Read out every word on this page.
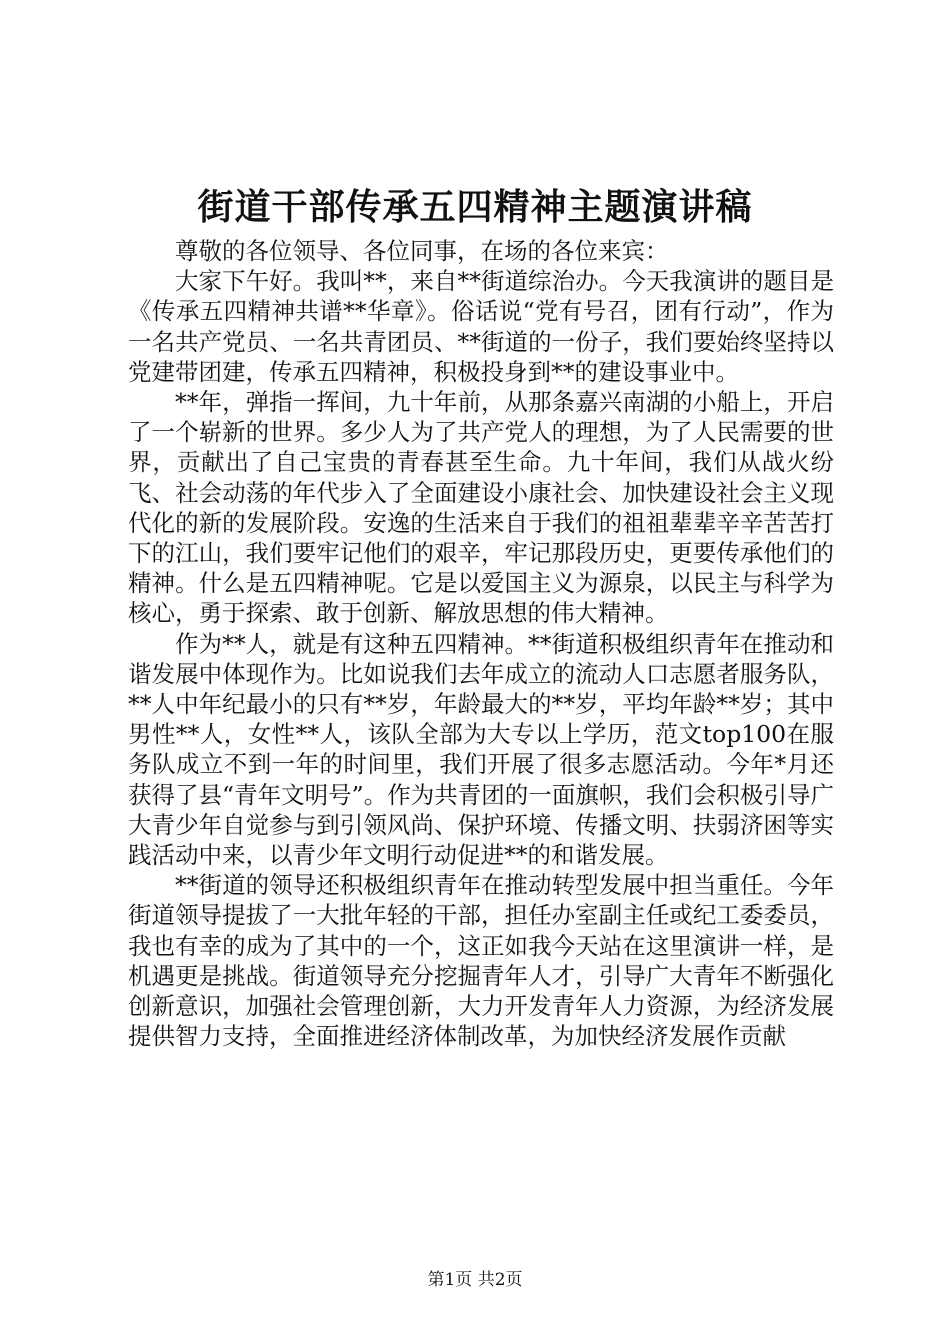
街道干部传承五四精神主题演讲稿

尊敬的各位领导、各位同事，在场的各位来宾：

大家下午好。我叫**，来自**街道综治办。今天我演讲的题目是《传承五四精神共谱**华章》。俗话说“党有号召，团有行动”，作为一名共产党员、一名共青团员、**街道的一份子，我们要始终坚持以党建带团建，传承五四精神，积极投身到**的建设事业中。

**年，弹指一挥间，九十年前，从那条嘉兴南湖的小船上，开启了一个崭新的世界。多少人为了共产党人的理想，为了人民需要的世界，贡献出了自己宝贵的青春甚至生命。九十年间，我们从战火纷飞、社会动荡的年代步入了全面建设小康社会、加快建设社会主义现代化的新的发展阶段。安逸的生活来自于我们的祖祖辈辈辛辛苦苦打下的江山，我们要牢记他们的艰辛，牢记那段历史，更要传承他们的精神。什么是五四精神呢。它是以爱国主义为源泉，以民主与科学为核心，勇于探索、敢于创新、解放思想的伟大精神。

作为**人，就是有这种五四精神。**街道积极组织青年在推动和谐发展中体现作为。比如说我们去年成立的流动人口志愿者服务队，**人中年纪最小的只有**岁，年龄最大的**岁，平均年龄**岁；其中男性**人，女性**人，该队全部为大专以上学历，范文top100在服务队成立不到一年的时间里，我们开展了很多志愿活动。今年*月还获得了县“青年文明号”。作为共青团的一面旗帜，我们会积极引导广大青少年自觉参与到引领风尚、保护环境、传播文明、扶弱济困等实践活动中来，以青少年文明行动促进**的和谐发展。

**街道的领导还积极组织青年在推动转型发展中担当重任。今年街道领导提拔了一大批年轻的干部，担任办室副主任或纪工委委员，我也有幸的成为了其中的一个，这正如我今天站在这里演讲一样，是机遇更是挑战。街道领导充分挖掘青年人才，引导广大青年不断强化创新意识，加强社会管理创新，大力开发青年人力资源，为经济发展提供智力支持，全面推进经济体制改革，为加快经济发展作贡献

第1页 共2页
